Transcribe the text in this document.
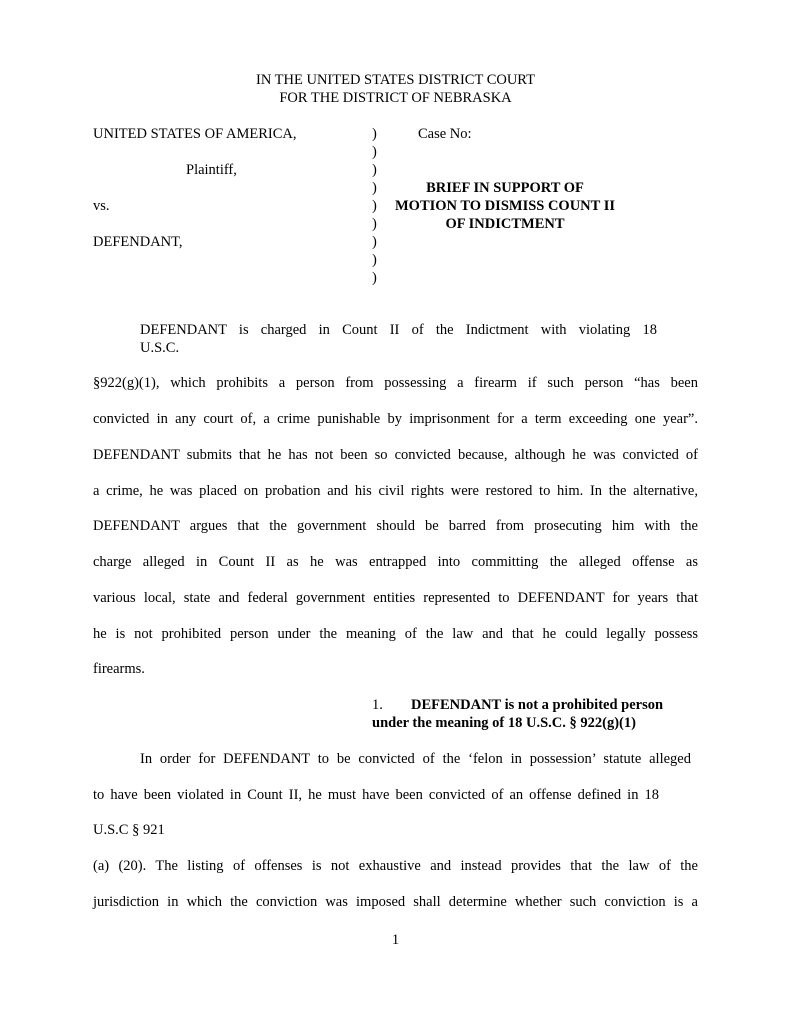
IN THE UNITED STATES DISTRICT COURT
FOR THE DISTRICT OF NEBRASKA
UNITED STATES OF AMERICA,
Plaintiff,
vs.
DEFENDANT,
)
)
)
)
)
)
)
)
)
Case No:
BRIEF IN SUPPORT OF
MOTION TO DISMISS COUNT II
OF INDICTMENT
DEFENDANT is charged in Count II of the Indictment with violating 18
U.S.C.
§922(g)(1), which prohibits a person from possessing a firearm if such person “has been
convicted in any court of, a crime punishable by imprisonment for a term exceeding one year”.
DEFENDANT submits that he has not been so convicted because, although he was convicted of
a crime, he was placed on probation and his civil rights were restored to him. In the alternative,
DEFENDANT argues that the government should be barred from prosecuting him with the
charge alleged in Count II as he was entrapped into committing the alleged offense as
various local, state and federal government entities represented to DEFENDANT for years that
he is not prohibited person under the meaning of the law and that he could legally possess
firearms.
1. DEFENDANT is not a prohibited person
under the meaning of 18 U.S.C. § 922(g)(1)
In order for DEFENDANT to be convicted of the ‘felon in possession’ statute alleged
to have been violated in Count II, he must have been convicted of an offense defined in 18
U.S.C § 921
(a) (20). The listing of offenses is not exhaustive and instead provides that the law of the
jurisdiction in which the conviction was imposed shall determine whether such conviction is a
1
